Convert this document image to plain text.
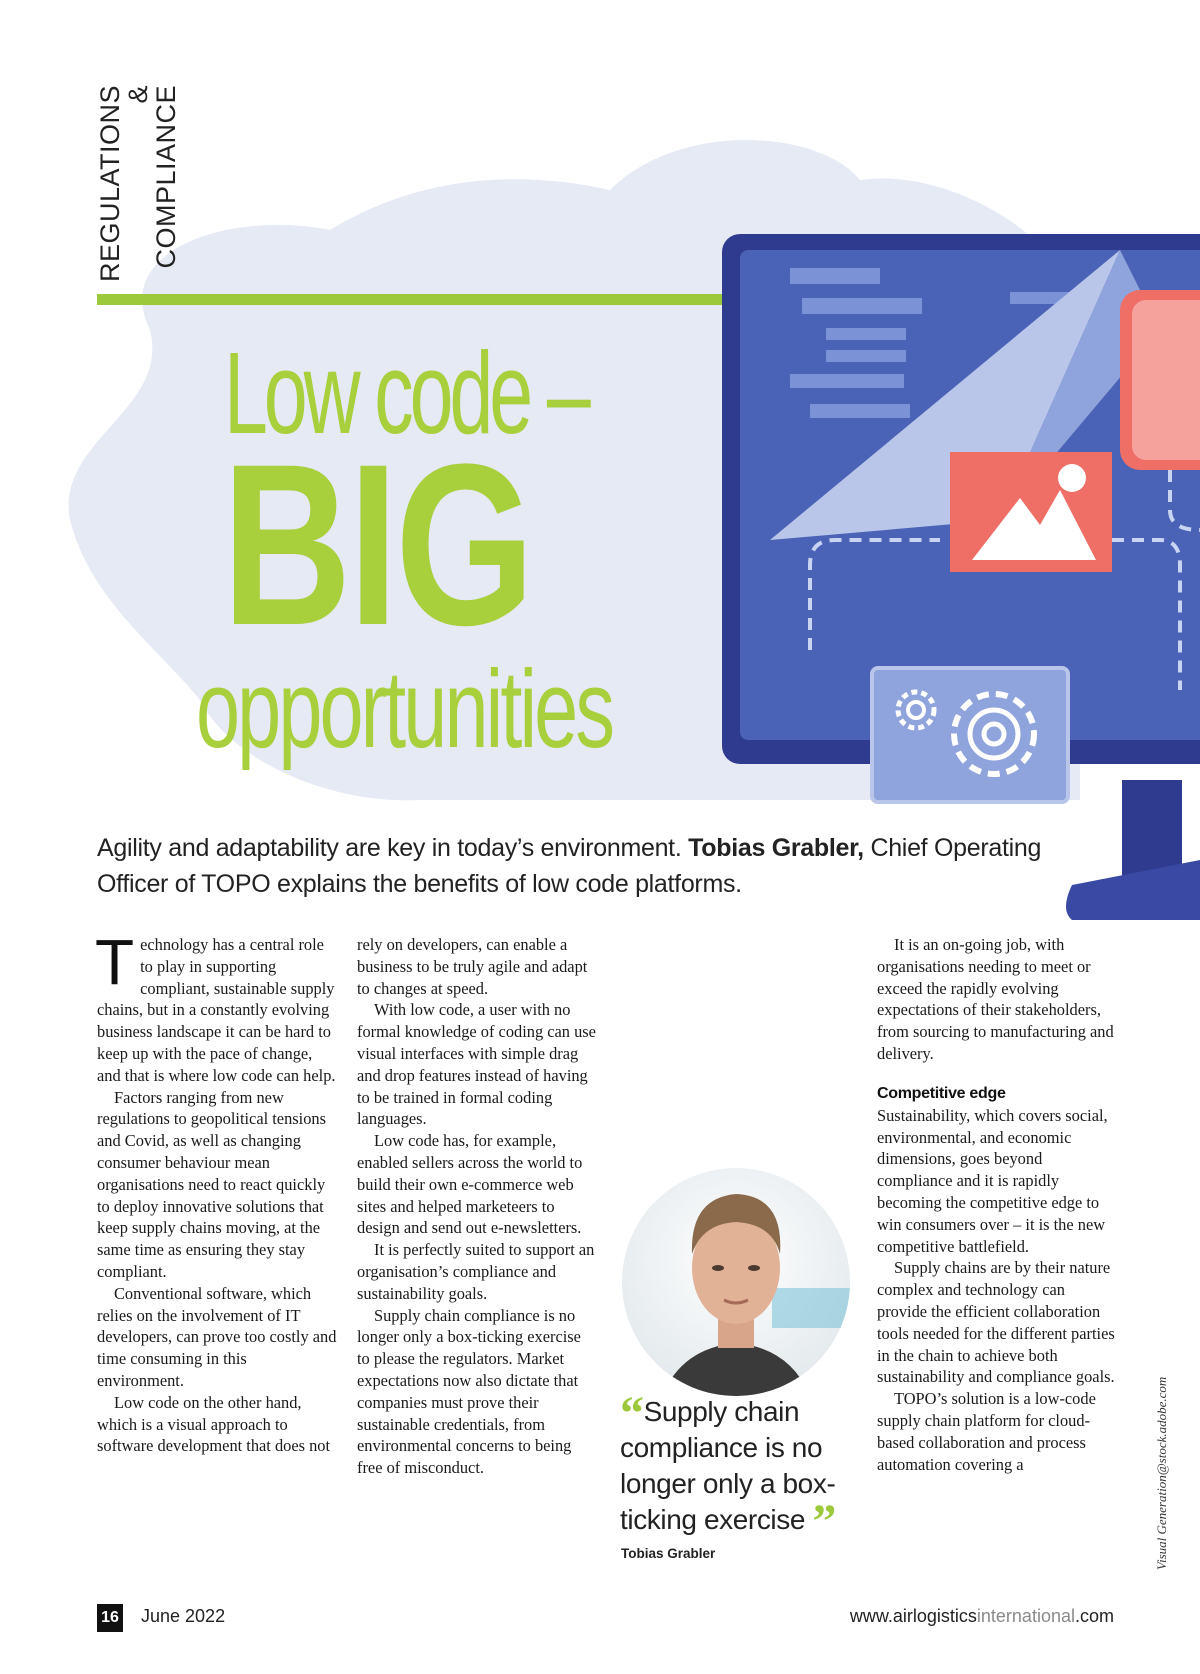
REGULATIONS &
COMPLIANCE
Low code –
BIG
opportunities
Agility and adaptability are key in today’s environment. Tobias Grabler, Chief Operating Officer of TOPO explains the benefits of low code platforms.

Technology has a central role to play in supporting compliant, sustainable supply chains, but in a constantly evolving business landscape it can be hard to keep up with the pace of change, and that is where low code can help.

Factors ranging from new regulations to geopolitical tensions and Covid, as well as changing consumer behaviour mean organisations need to react quickly to deploy innovative solutions that keep supply chains moving, at the same time as ensuring they stay compliant.

Conventional software, which relies on the involvement of IT developers, can prove too costly and time consuming in this environment.

Low code on the other hand, which is a visual approach to software development that does not

rely on developers, can enable a business to be truly agile and adapt to changes at speed.

With low code, a user with no formal knowledge of coding can use visual interfaces with simple drag and drop features instead of having to be trained in formal coding languages.

Low code has, for example, enabled sellers across the world to build their own e-commerce web sites and helped marketeers to design and send out e-newsletters.

It is perfectly suited to support an organisation’s compliance and sustainability goals.

Supply chain compliance is no longer only a box-ticking exercise to please the regulators. Market expectations now also dictate that companies must prove their sustainable credentials, from environmental concerns to being free of misconduct.

“Supply chain compliance is no longer only a box-ticking exercise ”
Tobias Grabler

It is an on-going job, with organisations needing to meet or exceed the rapidly evolving expectations of their stakeholders, from sourcing to manufacturing and delivery.

Competitive edge

Sustainability, which covers social, environmental, and economic dimensions, goes beyond compliance and it is rapidly becoming the competitive edge to win consumers over – it is the new competitive battlefield.

Supply chains are by their nature complex and technology can provide the efficient collaboration tools needed for the different parties in the chain to achieve both sustainability and compliance goals.

TOPO’s solution is a low-code supply chain platform for cloud-based collaboration and process automation covering a	Visual Generation@stock.adobe.com
16 June 2022	www.airlogisticsinternational.com
